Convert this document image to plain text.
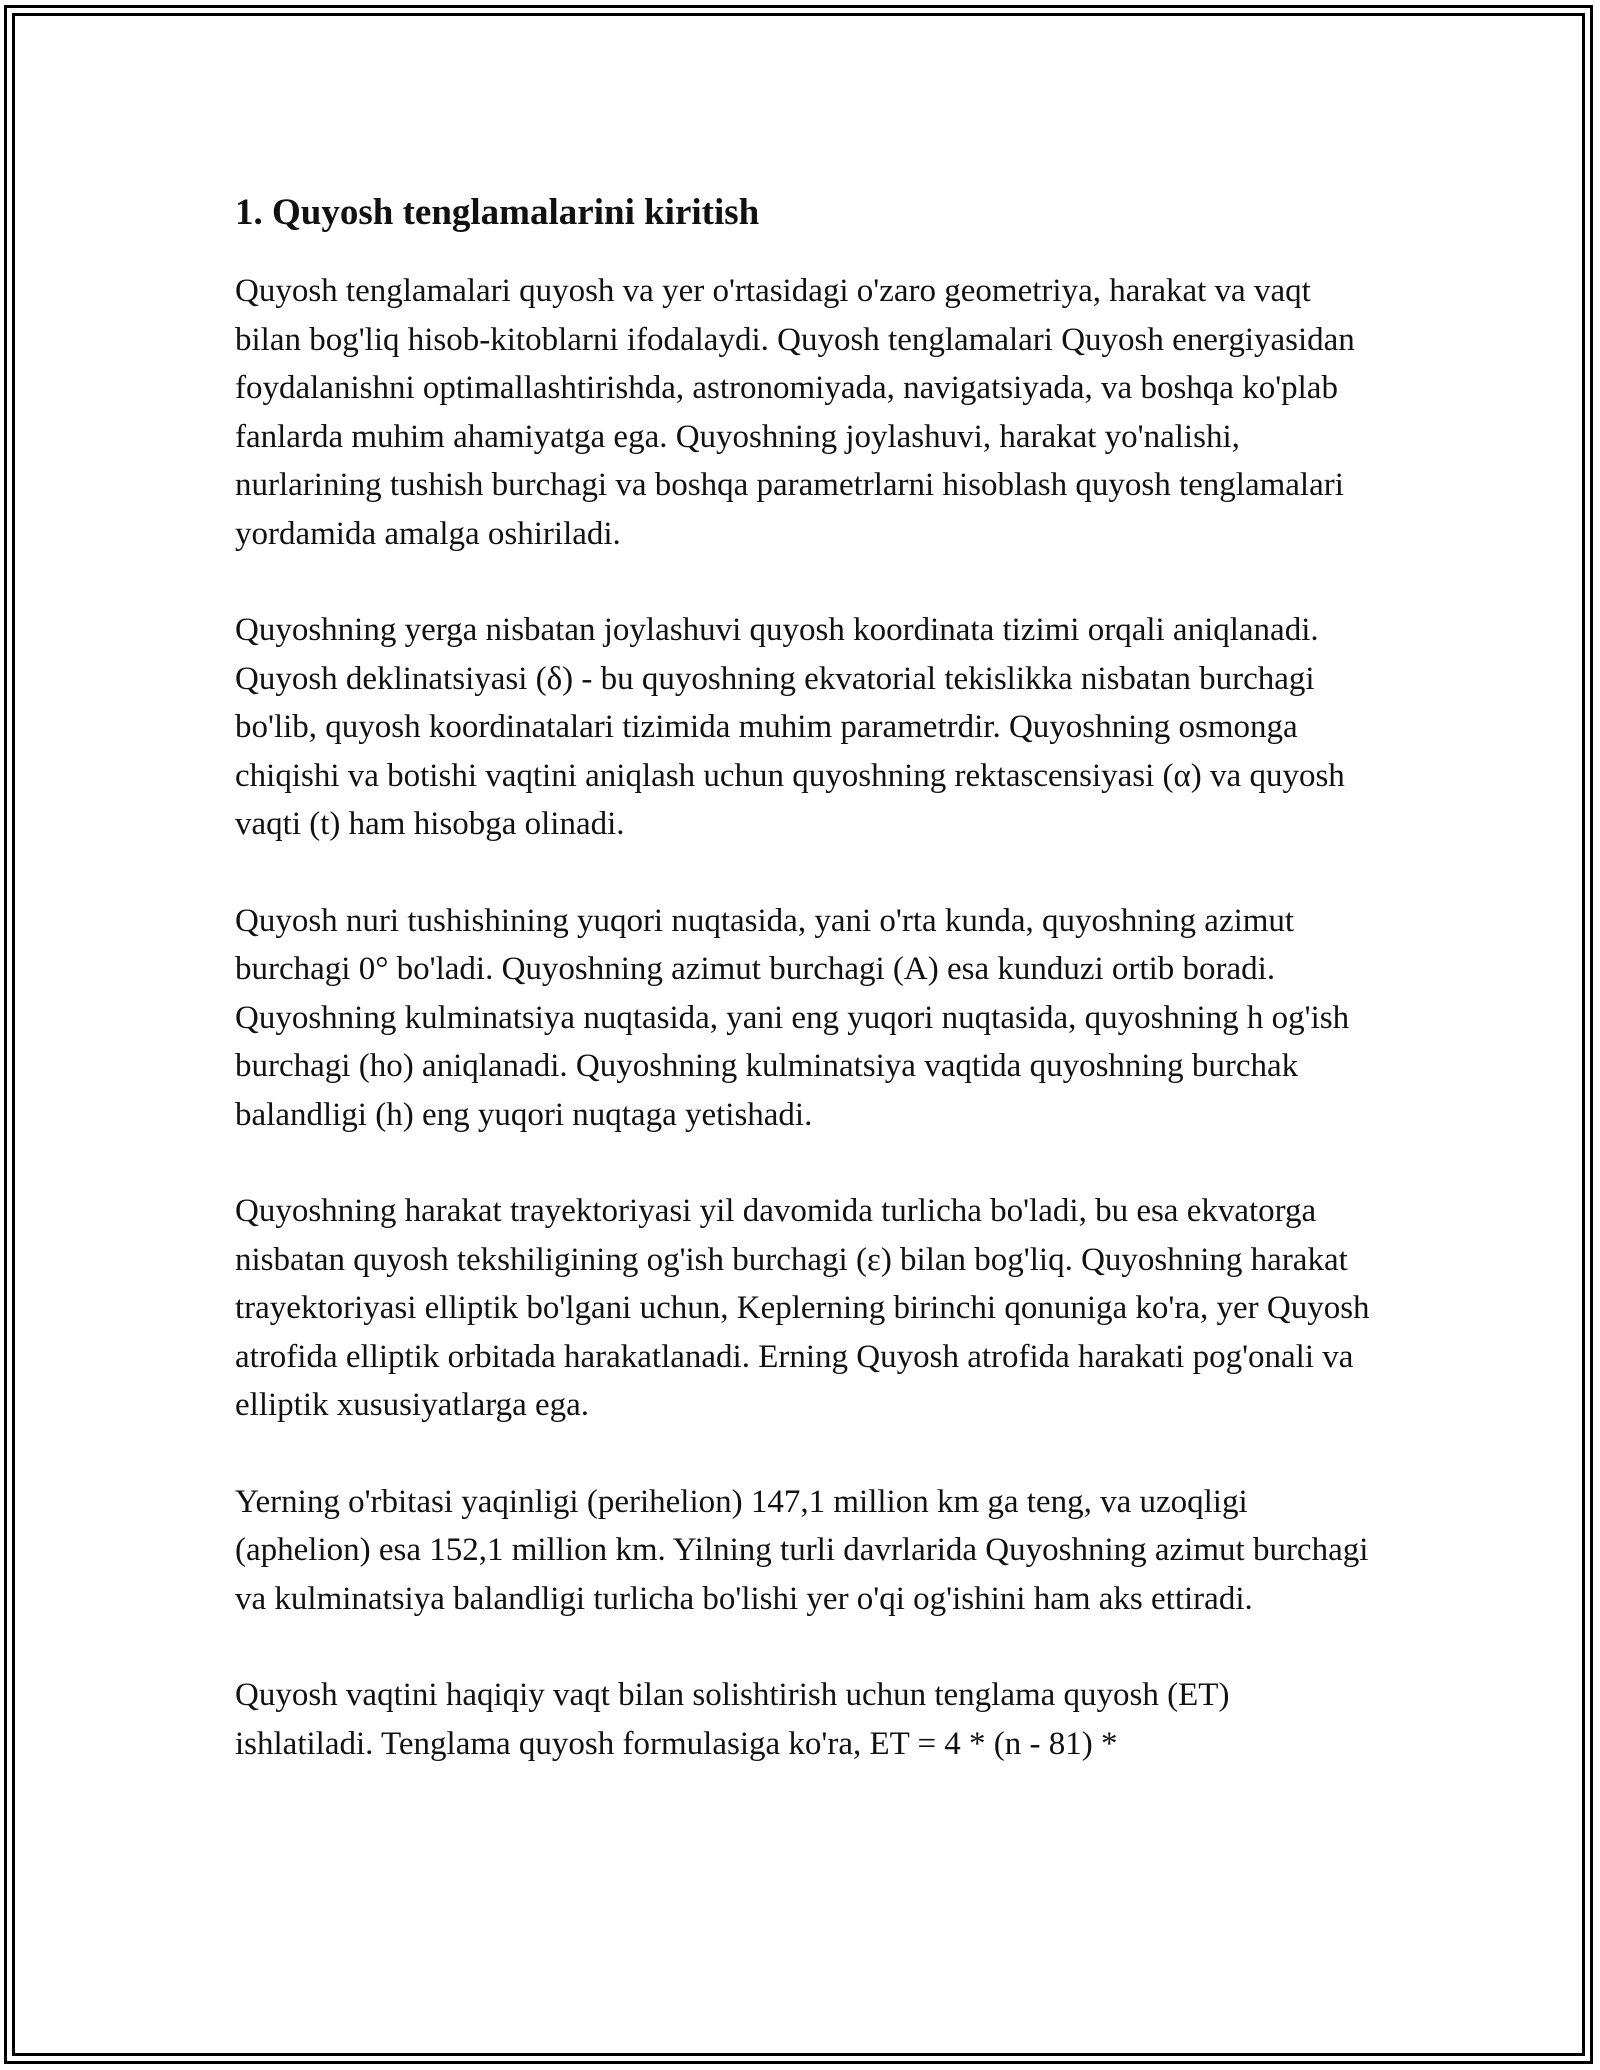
1. Quyosh tenglamalarini kiritish

Quyosh tenglamalari quyosh va yer o'rtasidagi o'zaro geometriya, harakat va vaqt bilan bog'liq hisob-kitoblarni ifodalaydi. Quyosh tenglamalari Quyosh energiyasidan foydalanishni optimallashtirishda, astronomiyada, navigatsiyada, va boshqa ko'plab fanlarda muhim ahamiyatga ega. Quyoshning joylashuvi, harakat yo'nalishi, nurlarining tushish burchagi va boshqa parametrlarni hisoblash quyosh tenglamalari yordamida amalga oshiriladi.

Quyoshning yerga nisbatan joylashuvi quyosh koordinata tizimi orqali aniqlanadi. Quyosh deklinatsiyasi (δ) - bu quyoshning ekvatorial tekislikka nisbatan burchagi bo'lib, quyosh koordinatalari tizimida muhim parametrdir. Quyoshning osmonga chiqishi va botishi vaqtini aniqlash uchun quyoshning rektascensiyasi (α) va quyosh vaqti (t) ham hisobga olinadi.

Quyosh nuri tushishining yuqori nuqtasida, yani o'rta kunda, quyoshning azimut burchagi 0° bo'ladi. Quyoshning azimut burchagi (A) esa kunduzi ortib boradi. Quyoshning kulminatsiya nuqtasida, yani eng yuqori nuqtasida, quyoshning h og'ish burchagi (ho) aniqlanadi. Quyoshning kulminatsiya vaqtida quyoshning burchak balandligi (h) eng yuqori nuqtaga yetishadi.

Quyoshning harakat trayektoriyasi yil davomida turlicha bo'ladi, bu esa ekvatorga nisbatan quyosh tekshiligining og'ish burchagi (ε) bilan bog'liq. Quyoshning harakat trayektoriyasi elliptik bo'lgani uchun, Keplerning birinchi qonuniga ko'ra, yer Quyosh atrofida elliptik orbitada harakatlanadi. Erning Quyosh atrofida harakati pog'onali va elliptik xususiyatlarga ega.

Yerning o'rbitasi yaqinligi (perihelion) 147,1 million km ga teng, va uzoqligi (aphelion) esa 152,1 million km. Yilning turli davrlarida Quyoshning azimut burchagi va kulminatsiya balandligi turlicha bo'lishi yer o'qi og'ishini ham aks ettiradi.

Quyosh vaqtini haqiqiy vaqt bilan solishtirish uchun tenglama quyosh (ET) ishlatiladi. Tenglama quyosh formulasiga ko'ra, ET = 4 * (n - 81) *
